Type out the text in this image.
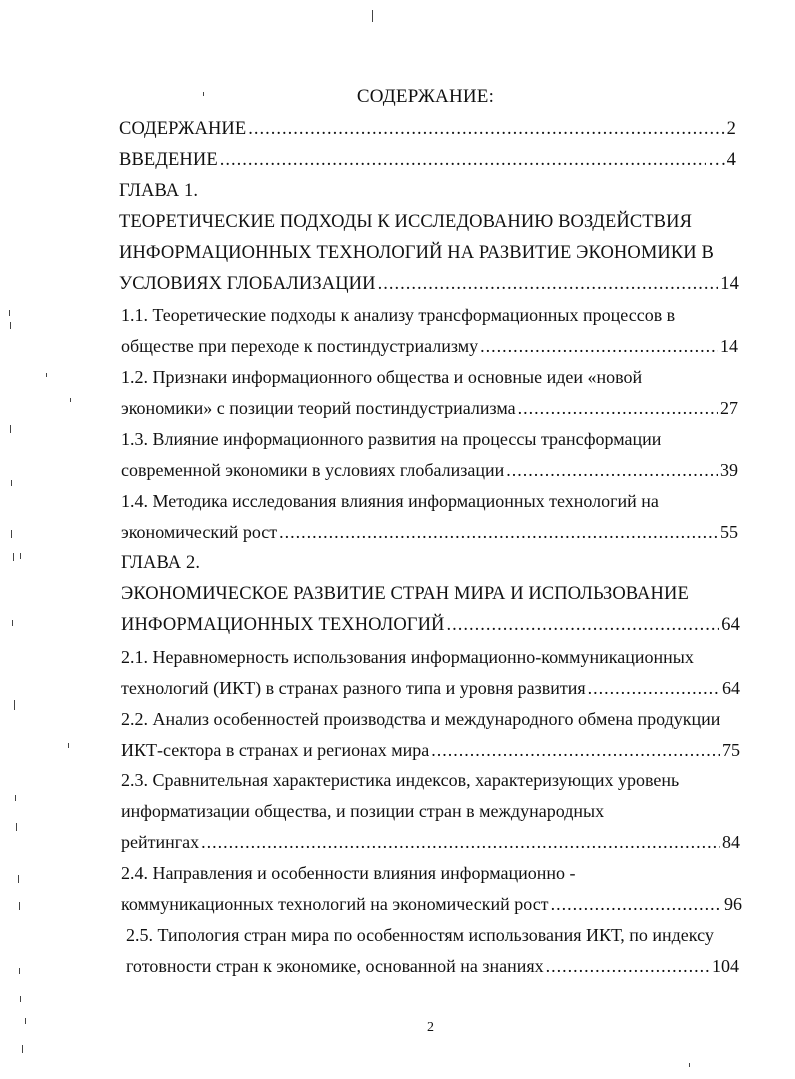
СОДЕРЖАНИЕ:
СОДЕРЖАНИЕ .....	2
ВВЕДЕНИЕ .....	…4
ГЛАВА 1.
ТЕОРЕТИЧЕСКИЕ ПОДХОДЫ К ИССЛЕДОВАНИЮ ВОЗДЕЙСТВИЯ
ИНФОРМАЦИОННЫХ ТЕХНОЛОГИЙ НА РАЗВИТИЕ ЭКОНОМИКИ В
УСЛОВИЯХ ГЛОБАЛИЗАЦИИ .....	14
1.1. Теоретические подходы к анализу трансформационных процессов в
обществе при переходе к постиндустриализму .....	14
1.2. Признаки информационного общества и основные идеи «новой
экономики» с позиции теорий постиндустриализма .....	27
1.3. Влияние информационного развития на процессы трансформации
современной экономики в условиях глобализации .....	39
1.4. Методика исследования влияния информационных технологий на
экономический рост .....	55
ГЛАВА 2.
ЭКОНОМИЧЕСКОЕ РАЗВИТИЕ СТРАН МИРА И ИСПОЛЬЗОВАНИЕ
ИНФОРМАЦИОННЫХ ТЕХНОЛОГИЙ .....	64
2.1. Неравномерность использования информационно-коммуникационных
технологий (ИКТ) в странах разного типа и уровня развития .....	64
2.2. Анализ особенностей производства и международного обмена продукции
ИКТ-сектора в странах и регионах мира .....	75
2.3. Сравнительная характеристика индексов, характеризующих уровень
информатизации общества, и позиции стран в международных
рейтингах .....	84
2.4. Направления и особенности влияния информационно -
коммуникационных технологий на экономический рост .....	96
2.5. Типология стран мира по особенностям использования ИКТ, по индексу
готовности стран к экономике, основанной на знаниях .....	104
2
